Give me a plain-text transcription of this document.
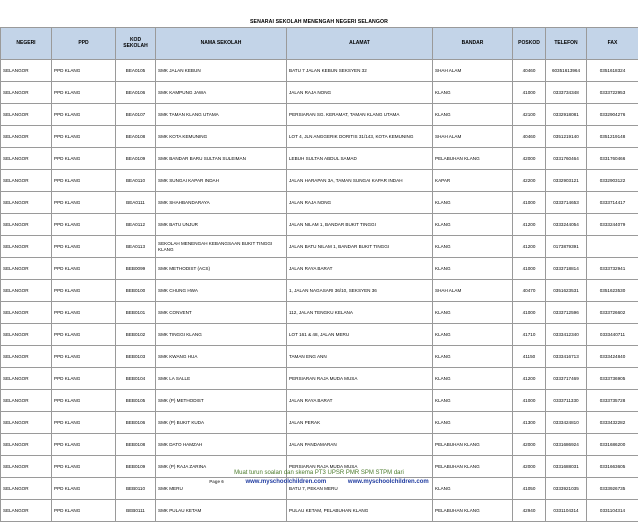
SENARAI SEKOLAH MENENGAH NEGERI SELANGOR
NEGERI	PPD	KOD SEKOLAH	NAMA SEKOLAH	ALAMAT	BANDAR	POSKOD	TELEFON	FAX
SELANGOR	PPD KLANG	BEA0105	SMK JALAN KEBUN	BATU 7 JALAN KEBUN SEKSYEN 32	SHAH ALAM	40460	60351613964	0351618324
SELANGOR	PPD KLANG	BEA0106	SMK KAMPUNG JAWA	JALAN RAJA NONG	KLANG	41000	0333734348	0333722953
SELANGOR	PPD KLANG	BEA0107	SMK TAMAN KLANG UTAMA	PERSIARAN SG. KERAMAT, TAMAN KLANG UTAMA	KLANG	42100	0332918081	0332904276
SELANGOR	PPD KLANG	BEA0108	SMK KOTA KEMUNING	LOT 4, JLN ANGGERIK DORITIS 31/143, KOTA KEMUNING	SHAH ALAM	40460	0351219140	0351219148
SELANGOR	PPD KLANG	BEA0109	SMK BANDAR BARU SULTAN SULEIMAN	LEBUH SULTAN ABDUL SAMAD	PELABUHAN KLANG	42000	0331760464	0331760466
SELANGOR	PPD KLANG	BEA0110	SMK SUNGAI KAPAR INDAH	JALAN HARAPAN 3A, TAMAN SUNGAI KAPAR INDAH	KAPAR	42200	0332903121	0332903122
SELANGOR	PPD KLANG	BEA0111	SMK SHAHBANDARAYA	JALAN RAJA NONG	KLANG	41000	0333714653	0333714417
SELANGOR	PPD KLANG	BEA0112	SMK BATU UNJUR	JALAN NILAM 1, BANDAR BUKIT TINGGI	KLANG	41200	0333244054	0333244079
SELANGOR	PPD KLANG	BEA0113	SEKOLAH MENENGAH KEBANGSAAN BUKIT TINGGI KLANG	JALAN BATU NILAM 1, BANDAR BUKIT TINGGI	KLANG	41200	0173879391	
SELANGOR	PPD KLANG	BEB0099	SMK METHODIST (ACS)	JALAN RAYA BARAT	KLANG	41000	0333718814	0333732941
SELANGOR	PPD KLANG	BEB0100	SMK CHUNG HWA	1, JALAN NAGASARI 36/10, SEKSYEN 36	SHAH ALAM	40470	0351623531	0351623530
SELANGOR	PPD KLANG	BEB0101	SMK CONVENT	112, JALAN TENGKU KELANA	KLANG	41000	0333712596	0333726602
SELANGOR	PPD KLANG	BEB0102	SMK TINGGI KLANG	LOT 161 & 48, JALAN MERU	KLANG	41710	0333412340	0333440711
SELANGOR	PPD KLANG	BEB0103	SMK KWANG HUA	TAMAN ENG ANN	KLANG	41150	0333416713	0333424840
SELANGOR	PPD KLANG	BEB0104	SMK LA SALLE	PERSIARAN RAJA MUDA MUSA	KLANG	41200	0333717469	0333736905
SELANGOR	PPD KLANG	BEB0105	SMK (P) METHODIST	JALAN RAYA BARAT	KLANG	41000	0333711330	0333735728
SELANGOR	PPD KLANG	BEB0106	SMK (P) BUKIT KUDA	JALAN PERAK	KLANG	41300	0333424810	0333432282
SELANGOR	PPD KLANG	BEB0108	SMK DATO HAMZAH	JALAN PANDAMARAN	PELABUHAN KLANG	42000	0331686924	0331686200
SELANGOR	PPD KLANG	BEB0109	SMK (P) RAJA ZARINA	PERSIARAN RAJA MUDA MUSA	PELABUHAN KLANG	42000	0331688031	0331663605
SELANGOR	PPD KLANG	BEB0110	SMK MERU	BATU 7, PEKAN MERU	KLANG	41050	0333921035	0333926735
SELANGOR	PPD KLANG	BEB0111	SMK PULAU KETAM	PULAU KETAM, PELABUHAN KLANG	PELABUHAN KLANG	42940	0331104314	0331104314
Muat turun soalan dan skema PT3 UPSR PMR SPM STPM dari
Page 6	www.myschoolchildren.com	www.myschoolchildren.com
